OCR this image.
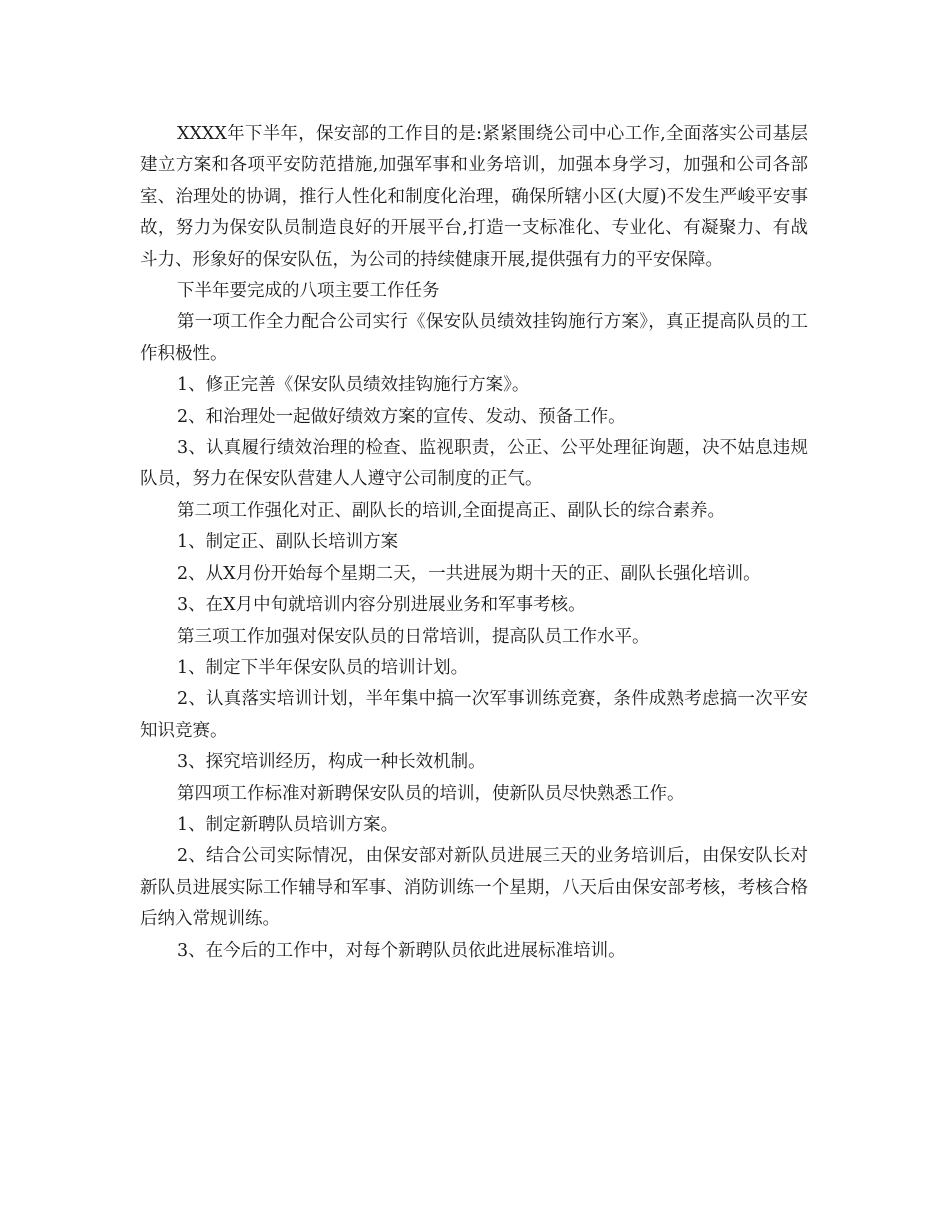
XXXX年下半年，保安部的工作目的是:紧紧围绕公司中心工作,全面落实公司基层建立方案和各项平安防范措施,加强军事和业务培训，加强本身学习，加强和公司各部室、治理处的协调，推行人性化和制度化治理，确保所辖小区(大厦)不发生严峻平安事故，努力为保安队员制造良好的开展平台,打造一支标准化、专业化、有凝聚力、有战斗力、形象好的保安队伍，为公司的持续健康开展,提供强有力的平安保障。

下半年要完成的八项主要工作任务

第一项工作全力配合公司实行《保安队员绩效挂钩施行方案》，真正提高队员的工作积极性。

1、修正完善《保安队员绩效挂钩施行方案》。

2、和治理处一起做好绩效方案的宣传、发动、预备工作。

3、认真履行绩效治理的检查、监视职责，公正、公平处理征询题，决不姑息违规队员，努力在保安队营建人人遵守公司制度的正气。

第二项工作强化对正、副队长的培训,全面提高正、副队长的综合素养。

1、制定正、副队长培训方案

2、从X月份开始每个星期二天，一共进展为期十天的正、副队长强化培训。

3、在X月中旬就培训内容分别进展业务和军事考核。

第三项工作加强对保安队员的日常培训，提高队员工作水平。

1、制定下半年保安队员的培训计划。

2、认真落实培训计划，半年集中搞一次军事训练竞赛，条件成熟考虑搞一次平安知识竞赛。

3、探究培训经历，构成一种长效机制。

第四项工作标准对新聘保安队员的培训，使新队员尽快熟悉工作。

1、制定新聘队员培训方案。

2、结合公司实际情况，由保安部对新队员进展三天的业务培训后，由保安队长对新队员进展实际工作辅导和军事、消防训练一个星期，八天后由保安部考核，考核合格后纳入常规训练。

3、在今后的工作中，对每个新聘队员依此进展标准培训。
